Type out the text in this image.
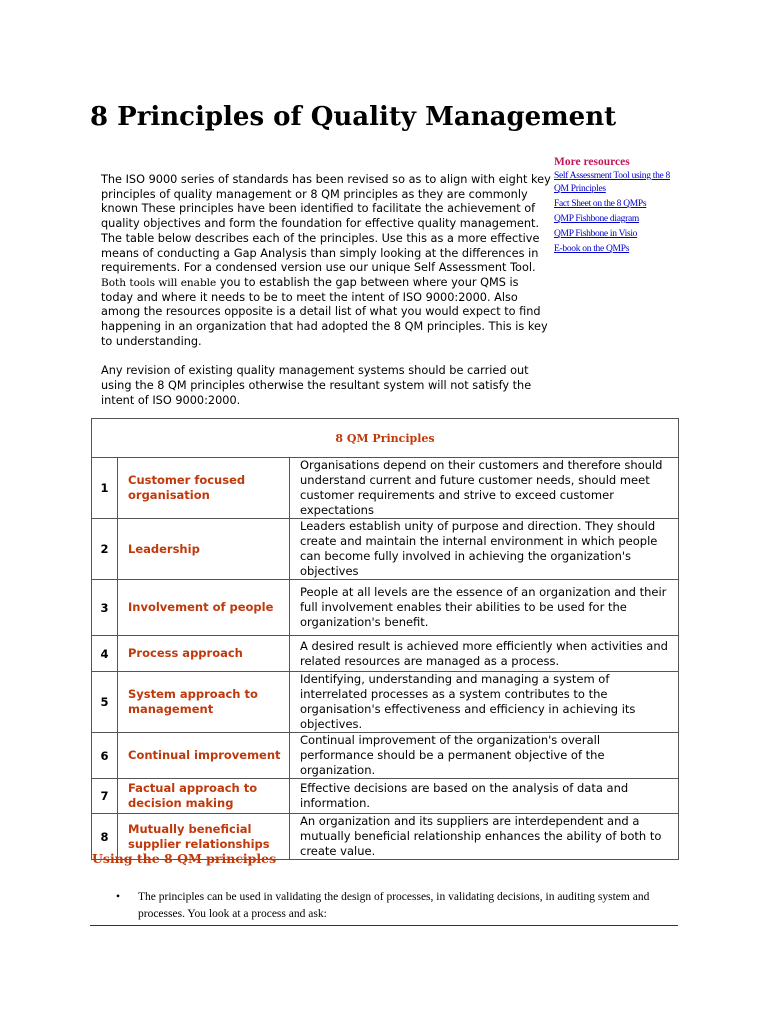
8 Principles of Quality Management

The ISO 9000 series of standards has been revised so as to align with eight key principles of quality management or 8 QM principles as they are commonly known These principles have been identified to facilitate the achievement of quality objectives and form the foundation for effective quality management. The table below describes each of the principles. Use this as a more effective means of conducting a Gap Analysis than simply looking at the differences in requirements. For a condensed version use our unique Self Assessment Tool. Both tools will enable you to establish the gap between where your QMS is today and where it needs to be to meet the intent of ISO 9000:2000. Also among the resources opposite is a detail list of what you would expect to find happening in an organization that had adopted the 8 QM principles. This is key to understanding.

Any revision of existing quality management systems should be carried out using the 8 QM principles otherwise the resultant system will not satisfy the intent of ISO 9000:2000.

More resources
Self Assessment Tool using the 8 QM Principles
Fact Sheet on the 8 QMPs
QMP Fishbone diagram
QMP Fishbone in Visio
E-book on the QMPs
8 QM Principles		
1	Customer focused organisation	Organisations depend on their customers and therefore should understand current and future customer needs, should meet customer requirements and strive to exceed customer expectations
2	Leadership	Leaders establish unity of purpose and direction. They should create and maintain the internal environment in which people can become fully involved in achieving the organization's objectives
3	Involvement of people	People at all levels are the essence of an organization and their full involvement enables their abilities to be used for the organization's benefit.
4	Process approach	A desired result is achieved more efficiently when activities and related resources are managed as a process.
5	System approach to management	Identifying, understanding and managing a system of interrelated processes as a system contributes to the organisation's effectiveness and efficiency in achieving its objectives.
6	Continual improvement	Continual improvement of the organization's overall performance should be a permanent objective of the organization.
7	Factual approach to decision making	Effective decisions are based on the analysis of data and information.
8	Mutually beneficial supplier relationships	An organization and its suppliers are interdependent and a mutually beneficial relationship enhances the ability of both to create value.
Using the 8 QM principles
• The principles can be used in validating the design of processes, in validating decisions, in auditing system and processes. You look at a process and ask:
